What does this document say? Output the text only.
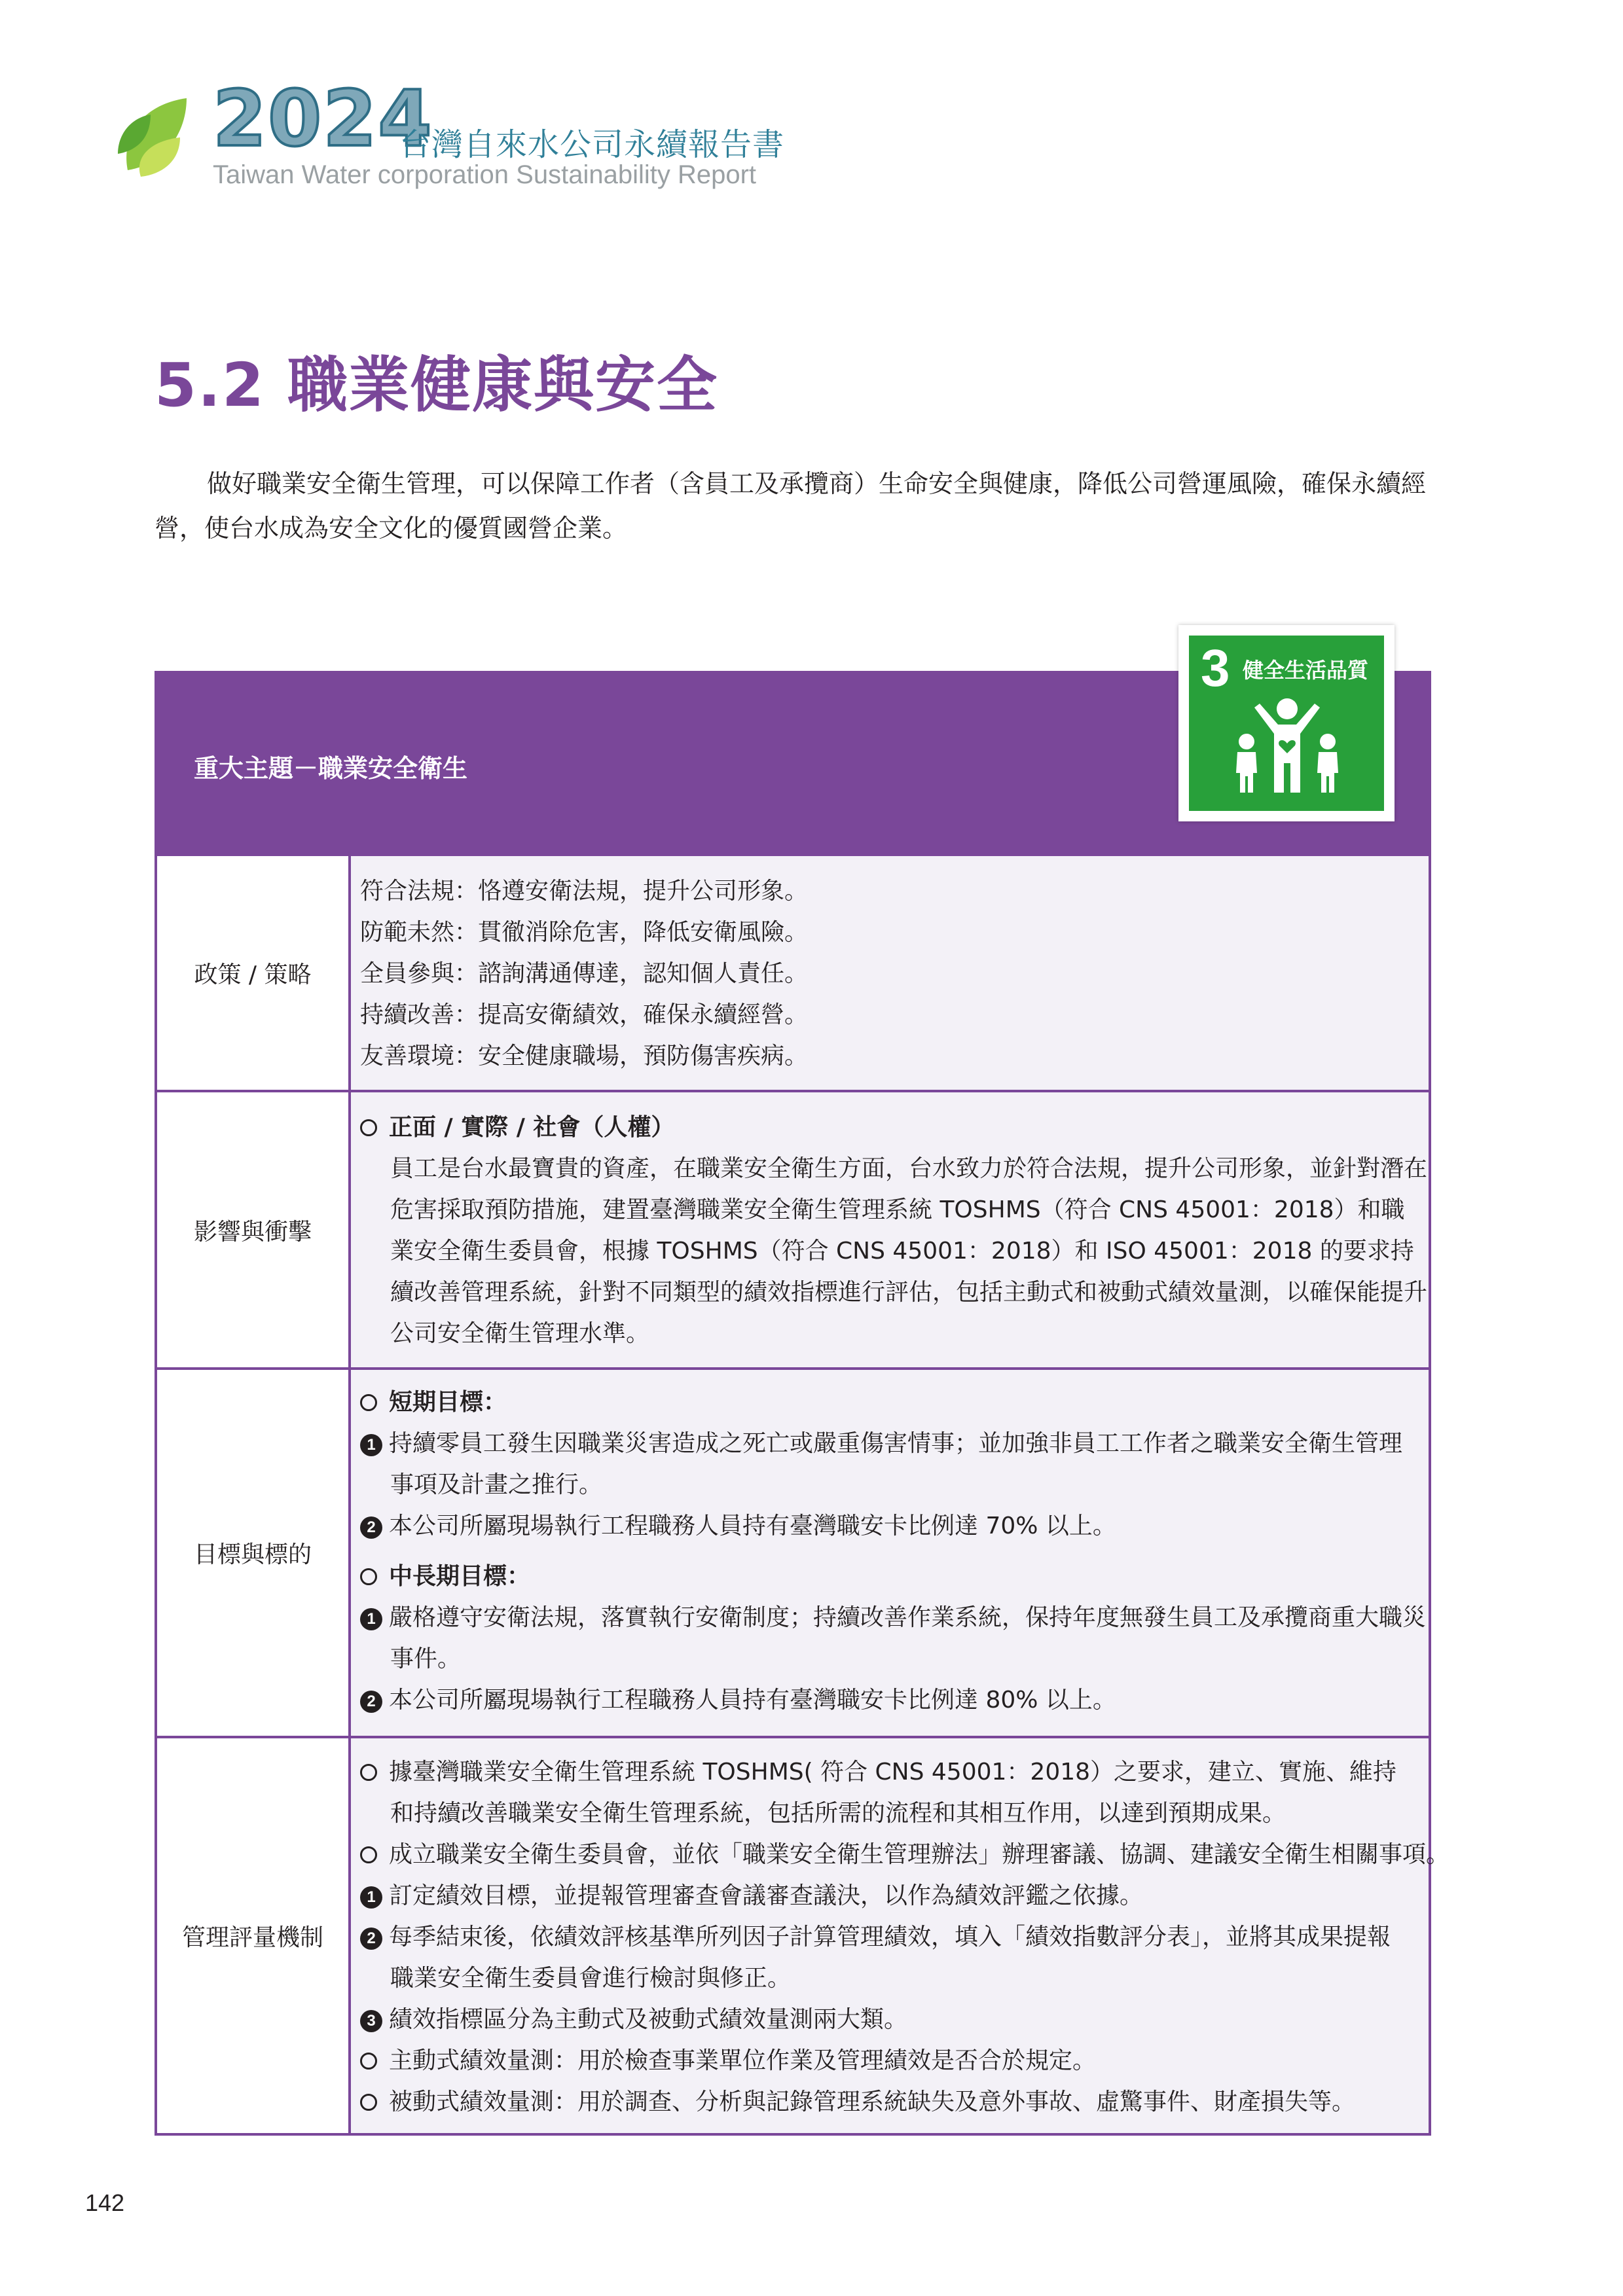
2024
台灣自來水公司永續報告書
Taiwan Water corporation Sustainability Report
5.2 職業健康與安全
做好職業安全衛生管理，可以保障工作者（含員工及承攬商）生命安全與健康，降低公司營運風險，確保永續經營，使台水成為安全文化的優質國營企業。
重大主題－職業安全衛生
3 健全生活品質
政策 / 策略
符合法規：恪遵安衛法規，提升公司形象。
防範未然：貫徹消除危害，降低安衛風險。
全員參與：諮詢溝通傳達，認知個人責任。
持續改善：提高安衛績效，確保永續經營。
友善環境：安全健康職場，預防傷害疾病。
影響與衝擊
正面 / 實際 / 社會（人權）
員工是台水最寶貴的資產，在職業安全衛生方面，台水致力於符合法規，提升公司形象，並針對潛在
危害採取預防措施，建置臺灣職業安全衛生管理系統 TOSHMS（符合 CNS 45001：2018）和職
業安全衛生委員會，根據 TOSHMS（符合 CNS 45001：2018）和 ISO 45001：2018 的要求持
續改善管理系統，針對不同類型的績效指標進行評估，包括主動式和被動式績效量測，以確保能提升
公司安全衛生管理水準。
目標與標的
短期目標：
1 持續零員工發生因職業災害造成之死亡或嚴重傷害情事；並加強非員工工作者之職業安全衛生管理
事項及計畫之推行。
2 本公司所屬現場執行工程職務人員持有臺灣職安卡比例達 70% 以上。
中長期目標：
1 嚴格遵守安衛法規，落實執行安衛制度；持續改善作業系統，保持年度無發生員工及承攬商重大職災
事件。
2 本公司所屬現場執行工程職務人員持有臺灣職安卡比例達 80% 以上。
管理評量機制
據臺灣職業安全衛生管理系統 TOSHMS( 符合 CNS 45001：2018）之要求，建立、實施、維持
和持續改善職業安全衛生管理系統，包括所需的流程和其相互作用，以達到預期成果。
成立職業安全衛生委員會，並依「職業安全衛生管理辦法」辦理審議、協調、建議安全衛生相關事項。
1 訂定績效目標，並提報管理審查會議審查議決，以作為績效評鑑之依據。
2 每季結束後，依績效評核基準所列因子計算管理績效，填入「績效指數評分表」，並將其成果提報
職業安全衛生委員會進行檢討與修正。
3 績效指標區分為主動式及被動式績效量測兩大類。
主動式績效量測：用於檢查事業單位作業及管理績效是否合於規定。
被動式績效量測：用於調查、分析與記錄管理系統缺失及意外事故、虛驚事件、財產損失等。
142
